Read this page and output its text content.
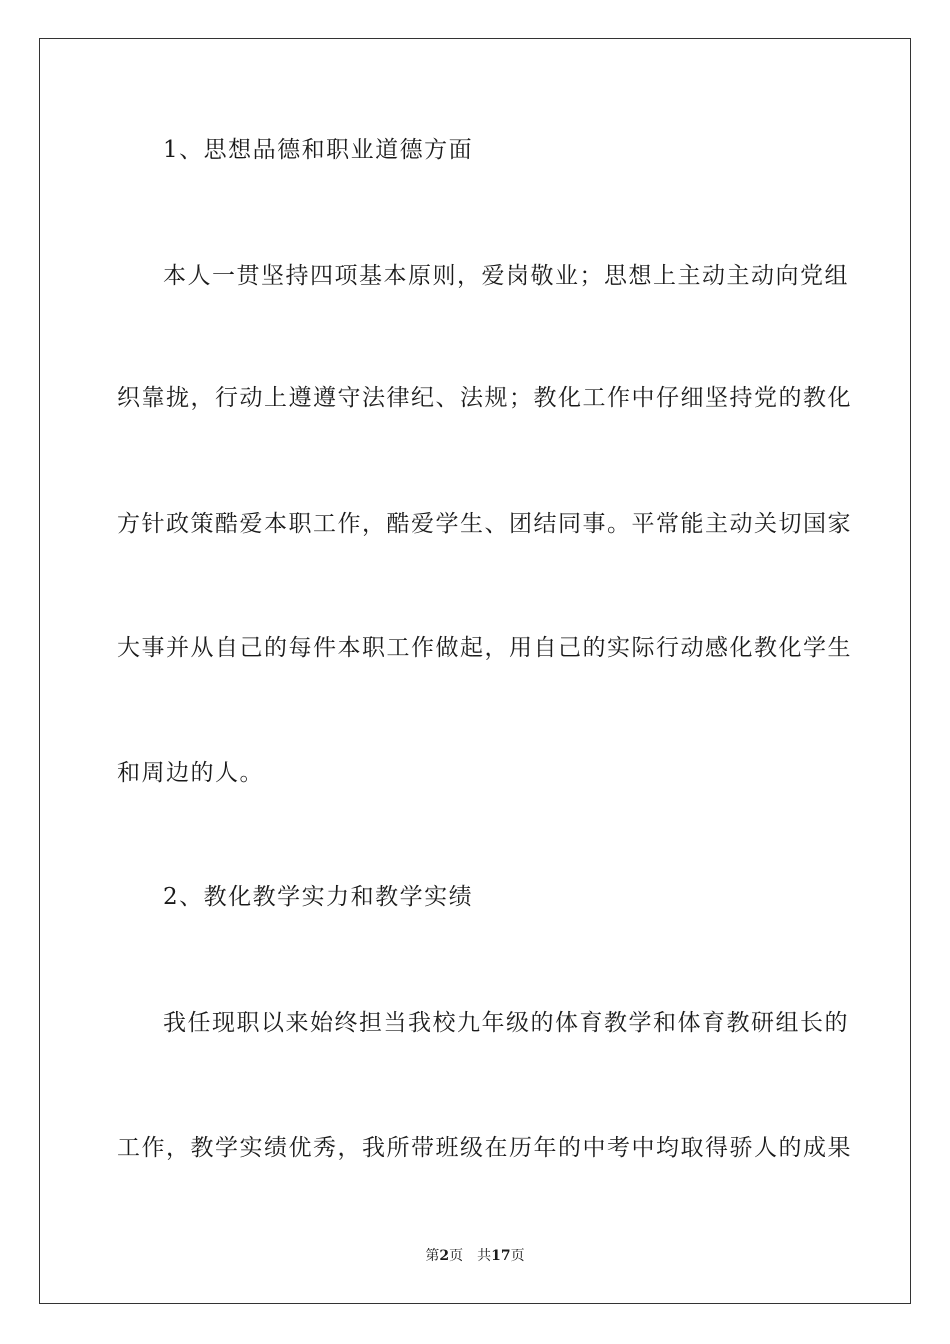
1、思想品德和职业道德方面
本人一贯坚持四项基本原则，爱岗敬业；思想上主动主动向党组
织靠拢，行动上遵遵守法律纪、法规；教化工作中仔细坚持党的教化
方针政策酷爱本职工作，酷爱学生、团结同事。平常能主动关切国家
大事并从自己的每件本职工作做起，用自己的实际行动感化教化学生
和周边的人。
2、教化教学实力和教学实绩
我任现职以来始终担当我校九年级的体育教学和体育教研组长的
工作，教学实绩优秀，我所带班级在历年的中考中均取得骄人的成果
第2页 共17页
